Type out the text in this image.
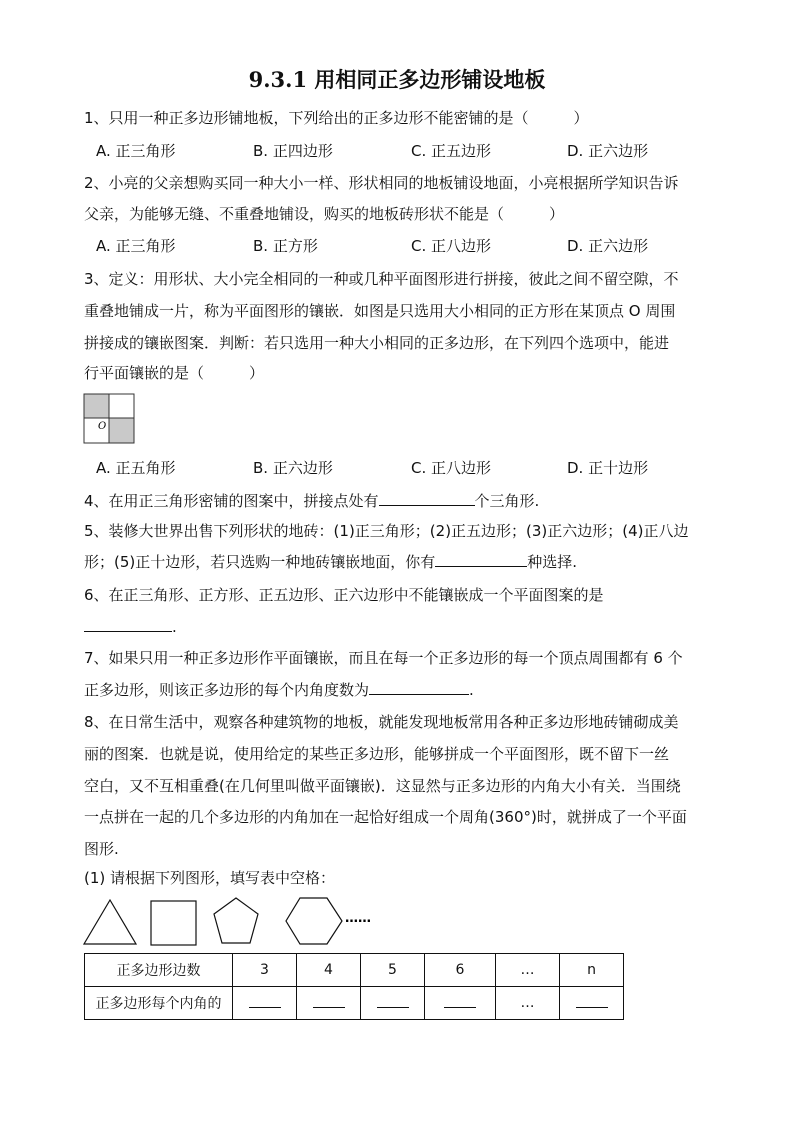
9.3.1 用相同正多边形铺设地板
1、只用一种正多边形铺地板，下列给出的正多边形不能密铺的是（　　　）
A. 正三角形	B. 正四边形	C. 正五边形	D. 正六边形
2、小亮的父亲想购买同一种大小一样、形状相同的地板铺设地面，小亮根据所学知识告诉
父亲，为能够无缝、不重叠地铺设，购买的地板砖形状不能是（　　　）
A. 正三角形	B. 正方形	C. 正八边形	D. 正六边形
3、定义：用形状、大小完全相同的一种或几种平面图形进行拼接，彼此之间不留空隙，不
重叠地铺成一片，称为平面图形的镶嵌．如图是只选用大小相同的正方形在某顶点 O 周围
拼接成的镶嵌图案．判断：若只选用一种大小相同的正多边形，在下列四个选项中，能进
行平面镶嵌的是（　　　）
O
A. 正五角形	B. 正六边形	C. 正八边形	D. 正十边形
4、在用正三角形密铺的图案中，拼接点处有	个三角形.
5、装修大世界出售下列形状的地砖：(1)正三角形；(2)正五边形；(3)正六边形；(4)正八边
形；(5)正十边形，若只选购一种地砖镶嵌地面，你有	种选择.
6、在正三角形、正方形、正五边形、正六边形中不能镶嵌成一个平面图案的是
.
7、如果只用一种正多边形作平面镶嵌，而且在每一个正多边形的每一个顶点周围都有 6 个
正多边形，则该正多边形的每个内角度数为	.
8、在日常生活中，观察各种建筑物的地板，就能发现地板常用各种正多边形地砖铺砌成美
丽的图案．也就是说，使用给定的某些正多边形，能够拼成一个平面图形，既不留下一丝
空白，又不互相重叠(在几何里叫做平面镶嵌)．这显然与正多边形的内角大小有关．当围绕
一点拼在一起的几个多边形的内角加在一起恰好组成一个周角(360°)时，就拼成了一个平面
图形.
(1) 请根据下列图形，填写表中空格：
……
正多边形边数	3	4	5	6	…	n
正多边形每个内角的					…	
